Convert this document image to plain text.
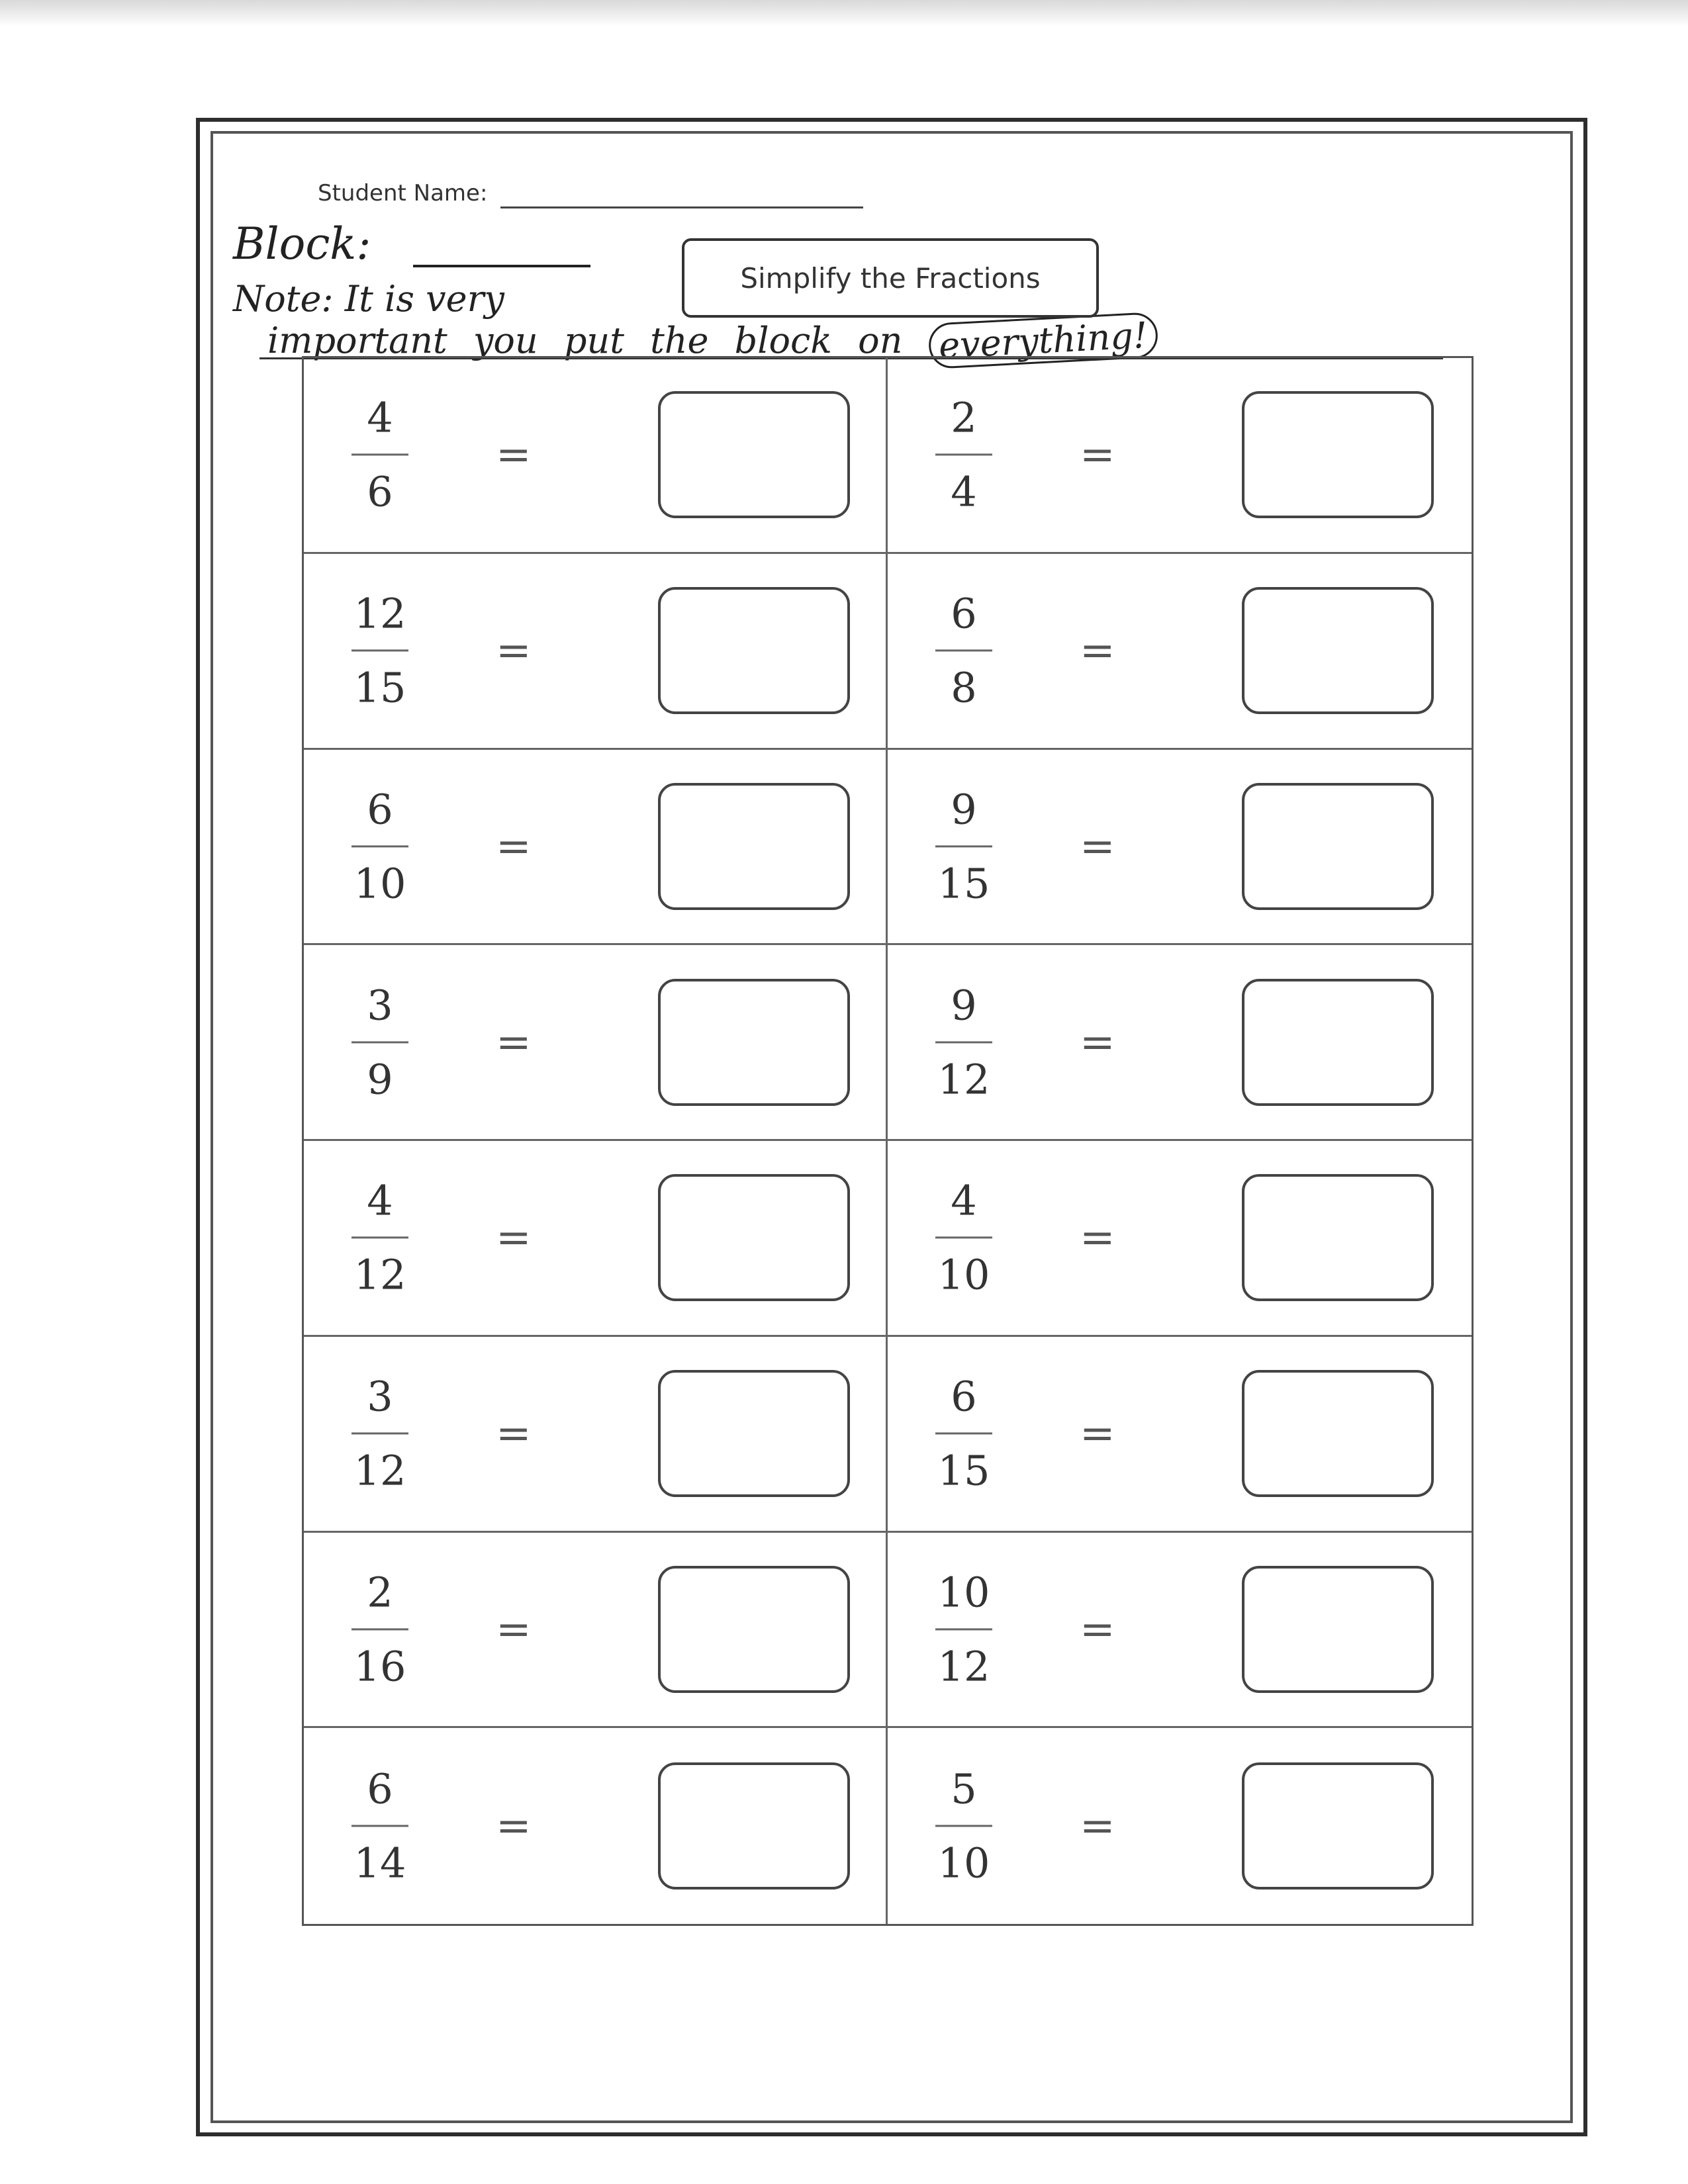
Student Name:
Block:
Note: It is very
important you put the block on everything!
Simplify the Fractions
4
6
=
2
4
=
12
15
=
6
8
=
6
10
=
9
15
=
3
9
=
9
12
=
4
12
=
4
10
=
3
12
=
6
15
=
2
16
=
10
12
=
6
14
=
5
10
=
